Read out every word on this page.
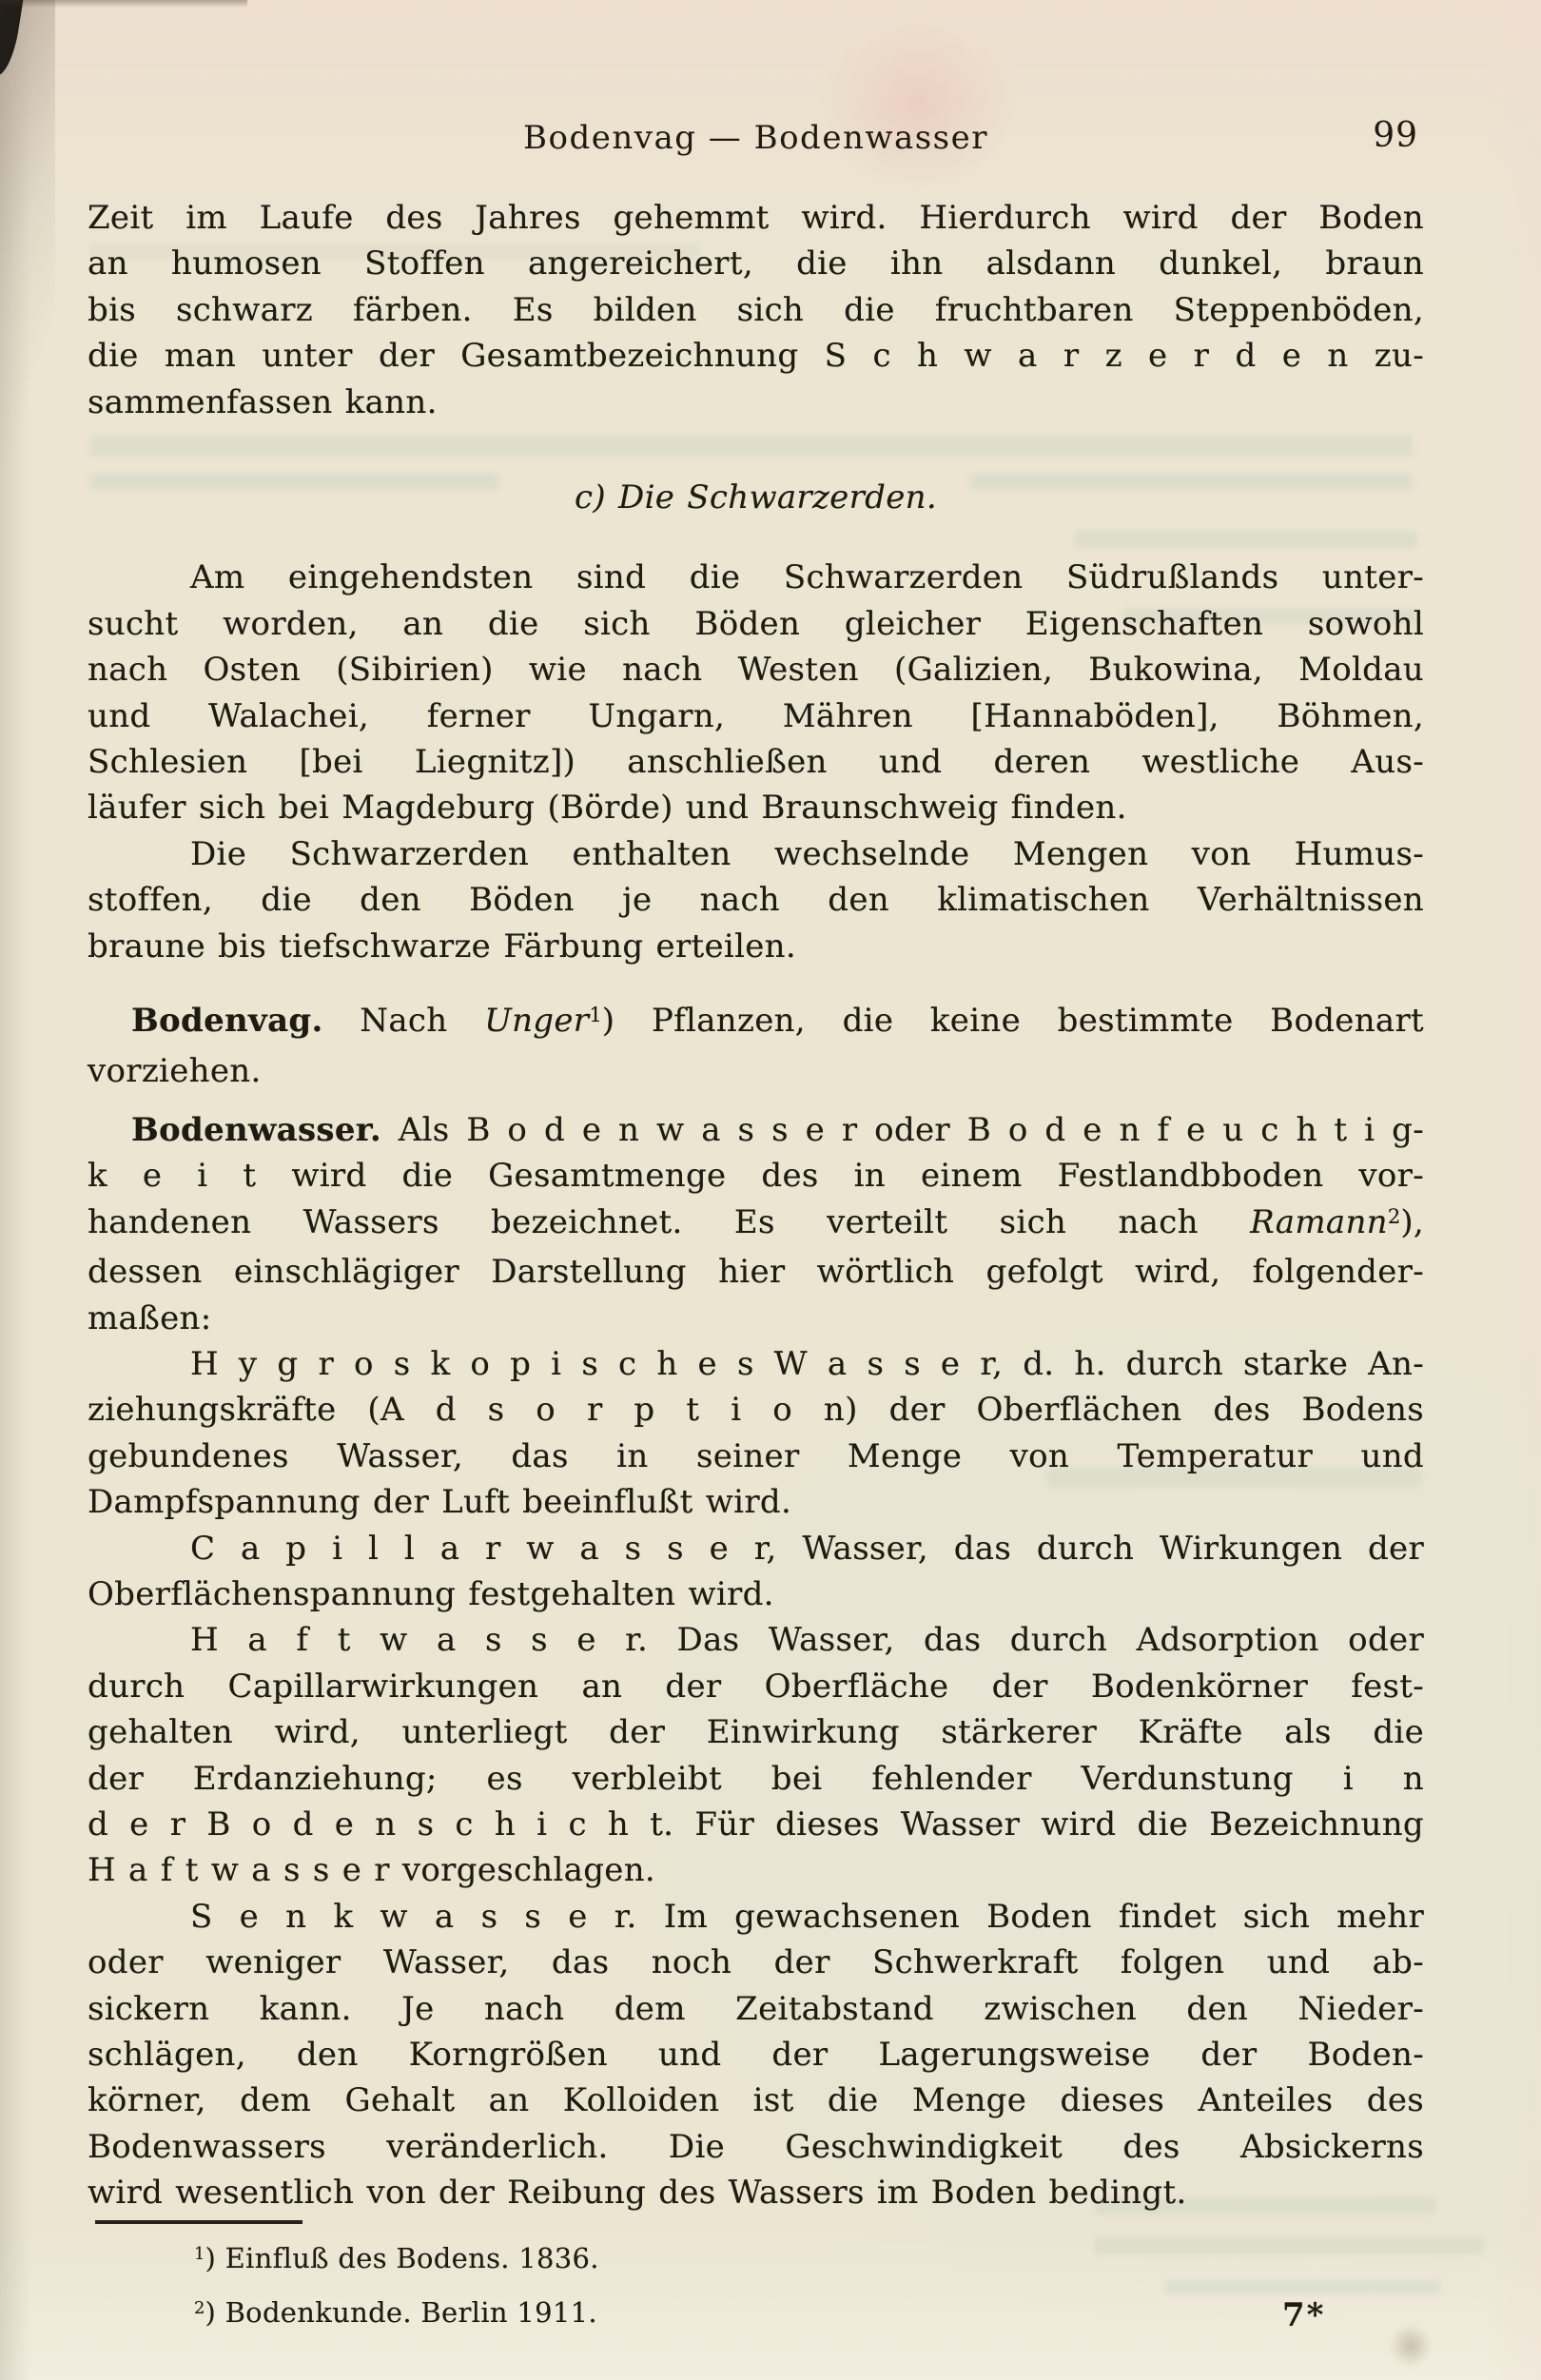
Bodenvag — Bodenwasser	99
Zeit im Laufe des Jahres gehemmt wird. Hierdurch wird der Boden
an humosen Stoffen angereichert, die ihn alsdann dunkel, braun
bis schwarz färben. Es bilden sich die fruchtbaren Steppenböden,
die man unter der Gesamtbezeichnung S c h w a r z e r d e n zu-
sammenfassen kann.
c) Die Schwarzerden.
Am eingehendsten sind die Schwarzerden Südrußlands unter-
sucht worden, an die sich Böden gleicher Eigenschaften sowohl
nach Osten (Sibirien) wie nach Westen (Galizien, Bukowina, Moldau
und Walachei, ferner Ungarn, Mähren [Hannaböden], Böhmen,
Schlesien [bei Liegnitz]) anschließen und deren westliche Aus-
läufer sich bei Magdeburg (Börde) und Braunschweig finden.
Die Schwarzerden enthalten wechselnde Mengen von Humus-
stoffen, die den Böden je nach den klimatischen Verhältnissen
braune bis tiefschwarze Färbung erteilen.
Bodenvag. Nach Unger$^1$) Pflanzen, die keine bestimmte Bodenart
vorziehen.
Bodenwasser. Als B o d e n w a s s e r oder B o d e n f e u c h t i g-
k e i t wird die Gesamtmenge des in einem Festlandbboden vor-
handenen Wassers bezeichnet. Es verteilt sich nach Ramann$^2$),
dessen einschlägiger Darstellung hier wörtlich gefolgt wird, folgender-
maßen:
H y g r o s k o p i s c h e s W a s s e r, d. h. durch starke An-
ziehungskräfte (A d s o r p t i o n) der Oberflächen des Bodens
gebundenes Wasser, das in seiner Menge von Temperatur und
Dampfspannung der Luft beeinflußt wird.
C a p i l l a r w a s s e r, Wasser, das durch Wirkungen der
Oberflächenspannung festgehalten wird.
H a f t w a s s e r. Das Wasser, das durch Adsorption oder
durch Capillarwirkungen an der Oberfläche der Bodenkörner fest-
gehalten wird, unterliegt der Einwirkung stärkerer Kräfte als die
der Erdanziehung; es verbleibt bei fehlender Verdunstung i n
d e r B o d e n s c h i c h t. Für dieses Wasser wird die Bezeichnung
H a f t w a s s e r vorgeschlagen.
S e n k w a s s e r. Im gewachsenen Boden findet sich mehr
oder weniger Wasser, das noch der Schwerkraft folgen und ab-
sickern kann. Je nach dem Zeitabstand zwischen den Nieder-
schlägen, den Korngrößen und der Lagerungsweise der Boden-
körner, dem Gehalt an Kolloiden ist die Menge dieses Anteiles des
Bodenwassers veränderlich. Die Geschwindigkeit des Absickerns
wird wesentlich von der Reibung des Wassers im Boden bedingt.
$^1$) Einfluß des Bodens. 1836.
$^2$) Bodenkunde. Berlin 1911.	7*
